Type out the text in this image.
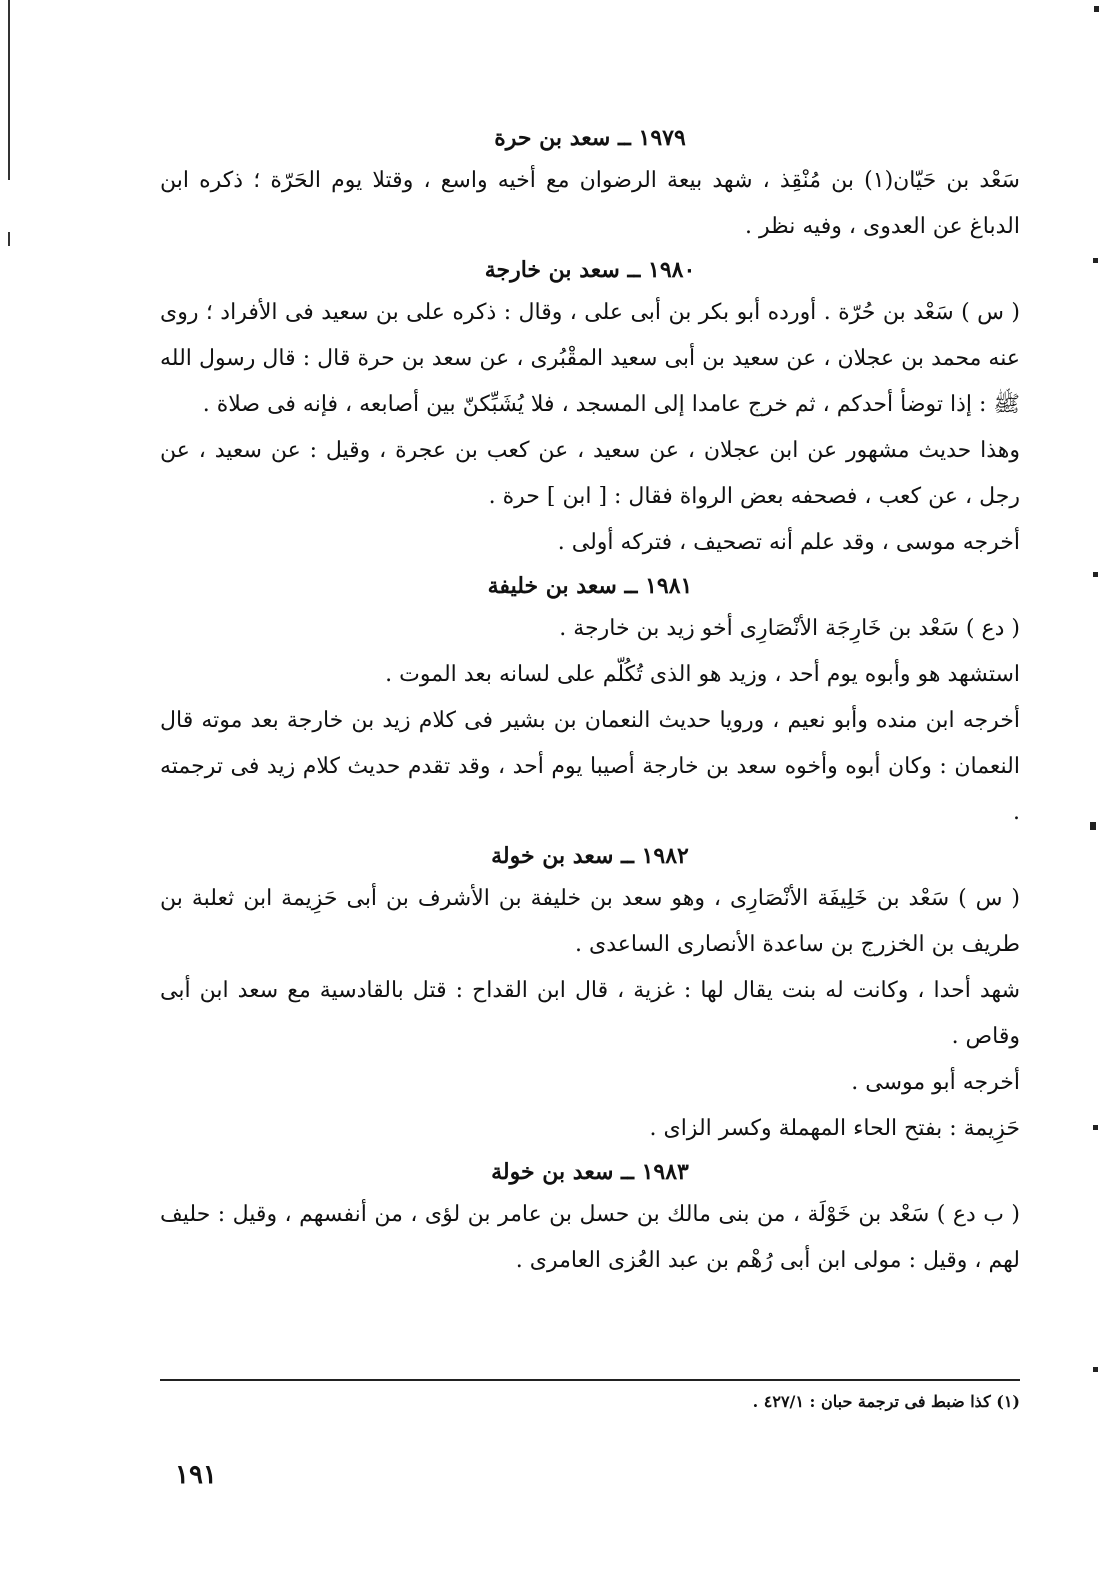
١٩٧٩ ــ سعد بن حرة

سَعْد بن حَيّان(١) بن مُنْقِذ ، شهد بيعة الرضوان مع أخيه واسع ، وقتلا يوم الحَرّة ؛ ذكره ابن الدباغ عن العدوى ، وفيه نظر .

١٩٨٠ ــ سعد بن خارجة

( س ) سَعْد بن حُرّة . أورده أبو بكر بن أبى على ، وقال : ذكره على بن سعيد فى الأفراد ؛ روى عنه محمد بن عجلان ، عن سعيد بن أبى سعيد المقْبُرى ، عن سعد بن حرة قال : قال رسول الله ﷺ : إذا توضأ أحدكم ، ثم خرج عامدا إلى المسجد ، فلا يُشَبِّكنّ بين أصابعه ، فإنه فى صلاة .

وهذا حديث مشهور عن ابن عجلان ، عن سعيد ، عن كعب بن عجرة ، وقيل : عن سعيد ، عن رجل ، عن كعب ، فصحفه بعض الرواة فقال : [ ابن ] حرة .

أخرجه موسى ، وقد علم أنه تصحيف ، فتركه أولى .

١٩٨١ ــ سعد بن خليفة

( دع ) سَعْد بن خَارِجَة الأنْصَارِى أخو زيد بن خارجة .

استشهد هو وأبوه يوم أحد ، وزيد هو الذى تُكُلّم على لسانه بعد الموت .

أخرجه ابن منده وأبو نعيم ، ورويا حديث النعمان بن بشير فى كلام زيد بن خارجة بعد موته قال النعمان : وكان أبوه وأخوه سعد بن خارجة أصيبا يوم أحد ، وقد تقدم حديث كلام زيد فى ترجمته .

١٩٨٢ ــ سعد بن خولة

( س ) سَعْد بن خَلِيفَة الأنْصَارِى ، وهو سعد بن خليفة بن الأشرف بن أبى حَزِيمة ابن ثعلبة بن طريف بن الخزرج بن ساعدة الأنصارى الساعدى .

شهد أحدا ، وكانت له بنت يقال لها : غزية ، قال ابن القداح : قتل بالقادسية مع سعد ابن أبى وقاص .

أخرجه أبو موسى .

حَزِيمة : بفتح الحاء المهملة وكسر الزاى .

١٩٨٣ ــ سعد بن خولة

( ب دع ) سَعْد بن خَوْلَة ، من بنى مالك بن حسل بن عامر بن لؤى ، من أنفسهم ، وقيل : حليف لهم ، وقيل : مولى ابن أبى رُهْم بن عبد العُزى العامرى .

(١) كذا ضبط فى ترجمة حبان : ٤٢٧/١ .
١٩١
